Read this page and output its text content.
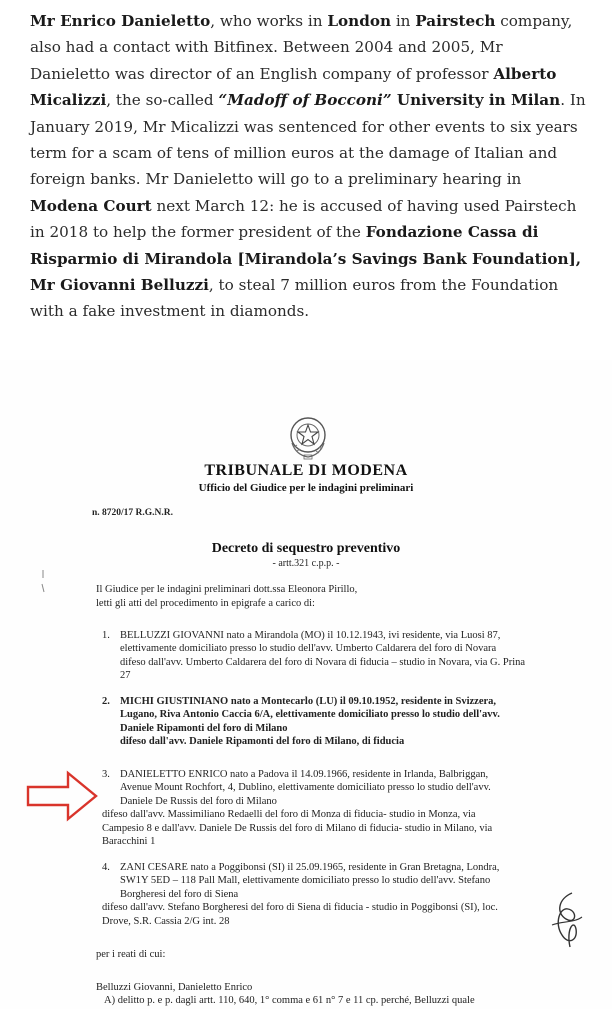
Mr Enrico Danieletto, who works in London in Pairstech company, also had a contact with Bitfinex. Between 2004 and 2005, Mr Danieletto was director of an English company of professor Alberto Micalizzi, the so-called “Madoff of Bocconi” University in Milan. In January 2019, Mr Micalizzi was sentenced for other events to six years term for a scam of tens of million euros at the damage of Italian and foreign banks. Mr Danieletto will go to a preliminary hearing in Modena Court next March 12: he is accused of having used Pairstech in 2018 to help the former president of the Fondazione Cassa di Risparmio di Mirandola [Mirandola’s Savings Bank Foundation], Mr Giovanni Belluzzi, to steal 7 million euros from the Foundation with a fake investment in diamonds.

TRIBUNALE DI MODENA
Ufficio del Giudice per le indagini preliminari
n. 8720/17 R.G.N.R.
Decreto di sequestro preventivo
- artt.321 c.p.p. -
Il Giudice per le indagini preliminari dott.ssa Eleonora Pirillo,
letti gli atti del procedimento in epigrafe a carico di:
1. BELLUZZI GIOVANNI nato a Mirandola (MO) il 10.12.1943, ivi residente, via Luosi 87,
elettivamente domiciliato presso lo studio dell'avv. Umberto Caldarera del foro di Novara
difeso dall'avv. Umberto Caldarera del foro di Novara di fiducia – studio in Novara, via G. Prina
27
2. MICHI GIUSTINIANO nato a Montecarlo (LU) il 09.10.1952, residente in Svizzera,
Lugano, Riva Antonio Caccia 6/A, elettivamente domiciliato presso lo studio dell'avv.
Daniele Ripamonti del foro di Milano
difeso dall'avv. Daniele Ripamonti del foro di Milano, di fiducia
3. DANIELETTO ENRICO nato a Padova il 14.09.1966, residente in Irlanda, Balbriggan,
Avenue Mount Rochfort, 4, Dublino, elettivamente domiciliato presso lo studio dell'avv.
Daniele De Russis del foro di Milano
difeso dall'avv. Massimiliano Redaelli del foro di Monza di fiducia- studio in Monza, via
Campesio 8 e dall'avv. Daniele De Russis del foro di Milano di fiducia- studio in Milano, via
Baracchini 1
4. ZANI CESARE nato a Poggibonsi (SI) il 25.09.1965, residente in Gran Bretagna, Londra,
SW1Y 5ED – 118 Pall Mall, elettivamente domiciliato presso lo studio dell'avv. Stefano
Borgheresi del foro di Siena
difeso dall'avv. Stefano Borgheresi del foro di Siena di fiducia - studio in Poggibonsi (SI), loc.
Drove, S.R. Cassia 2/G int. 28
per i reati di cui:
Belluzzi Giovanni, Danieletto Enrico
A) delitto p. e p. dagli artt. 110, 640, 1° comma e 61 n° 7 e 11 cp. perché, Belluzzi quale
